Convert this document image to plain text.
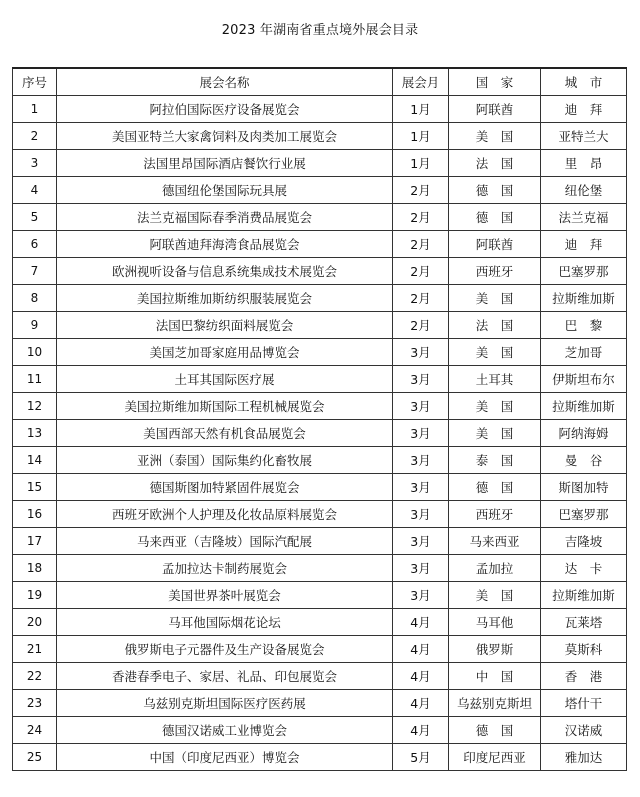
2023 年湖南省重点境外展会目录
序号	展会名称	展会月	国　家	城　市
1	阿拉伯国际医疗设备展览会	1月	阿联酋	迪　拜
2	美国亚特兰大家禽饲料及肉类加工展览会	1月	美　国	亚特兰大
3	法国里昂国际酒店餐饮行业展	1月	法　国	里　昂
4	德国纽伦堡国际玩具展	2月	德　国	纽伦堡
5	法兰克福国际春季消费品展览会	2月	德　国	法兰克福
6	阿联酋迪拜海湾食品展览会	2月	阿联酋	迪　拜
7	欧洲视听设备与信息系统集成技术展览会	2月	西班牙	巴塞罗那
8	美国拉斯维加斯纺织服装展览会	2月	美　国	拉斯维加斯
9	法国巴黎纺织面料展览会	2月	法　国	巴　黎
10	美国芝加哥家庭用品博览会	3月	美　国	芝加哥
11	土耳其国际医疗展	3月	土耳其	伊斯坦布尔
12	美国拉斯维加斯国际工程机械展览会	3月	美　国	拉斯维加斯
13	美国西部天然有机食品展览会	3月	美　国	阿纳海姆
14	亚洲（泰国）国际集约化畜牧展	3月	泰　国	曼　谷
15	德国斯图加特紧固件展览会	3月	德　国	斯图加特
16	西班牙欧洲个人护理及化妆品原料展览会	3月	西班牙	巴塞罗那
17	马来西亚（吉隆坡）国际汽配展	3月	马来西亚	吉隆坡
18	孟加拉达卡制药展览会	3月	孟加拉	达　卡
19	美国世界茶叶展览会	3月	美　国	拉斯维加斯
20	马耳他国际烟花论坛	4月	马耳他	瓦莱塔
21	俄罗斯电子元器件及生产设备展览会	4月	俄罗斯	莫斯科
22	香港春季电子、家居、礼品、印包展览会	4月	中　国	香　港
23	乌兹别克斯坦国际医疗医药展	4月	乌兹别克斯坦	塔什干
24	德国汉诺威工业博览会	4月	德　国	汉诺威
25	中国（印度尼西亚）博览会	5月	印度尼西亚	雅加达
